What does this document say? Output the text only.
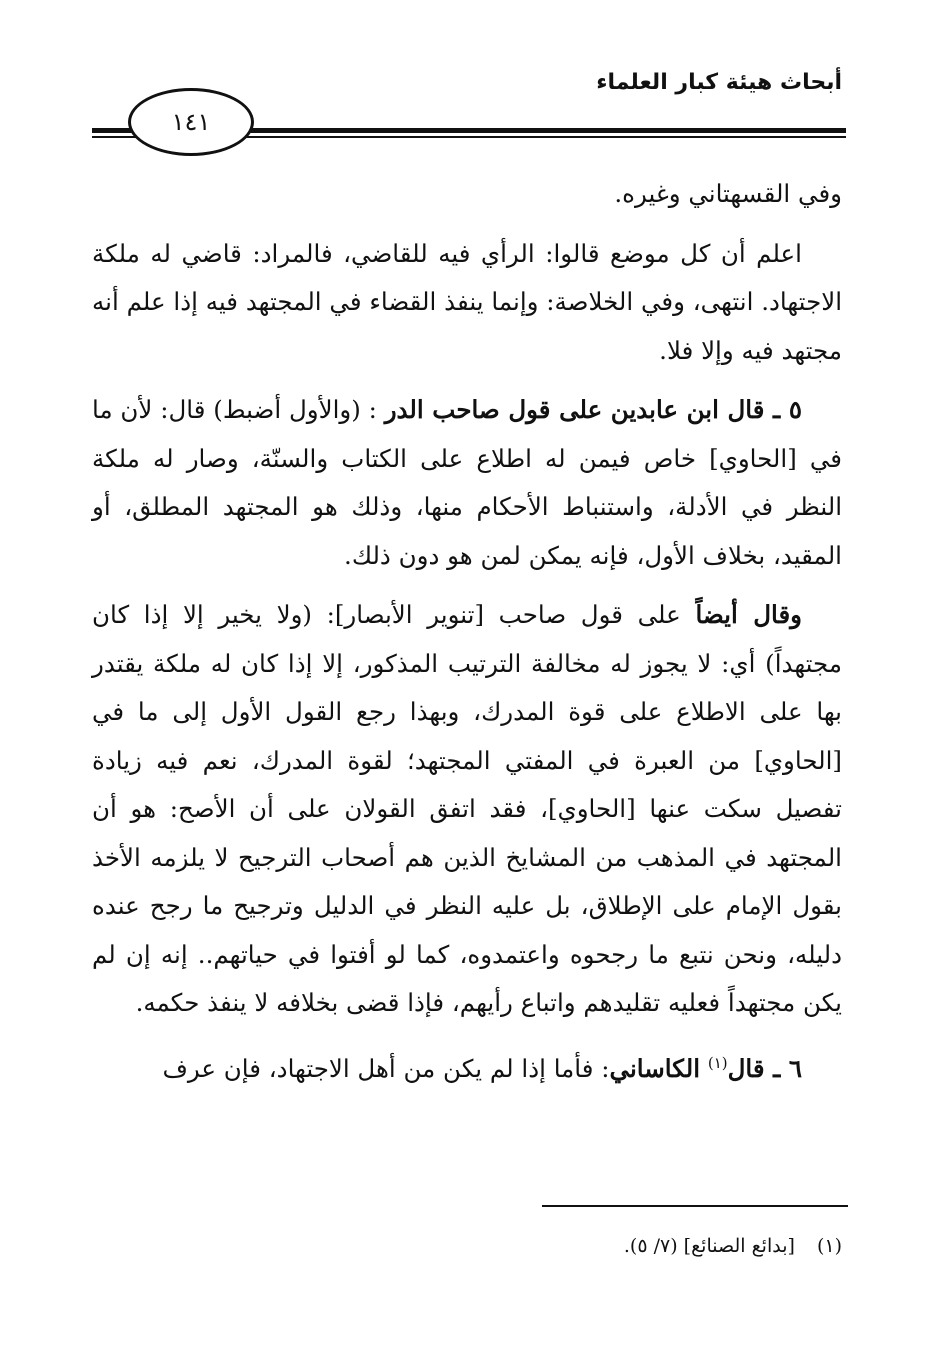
أبحاث هيئة كبار العلماء
١٤١

وفي القسهتاني وغيره.

اعلم أن كل موضع قالوا: الرأي فيه للقاضي، فالمراد: قاضي له ملكة الاجتهاد. انتهى، وفي الخلاصة: وإنما ينفذ القضاء في المجتهد فيه إذا علم أنه مجتهد فيه وإلا فلا.

٥ ـ قال ابن عابدين على قول صاحب الدر : (والأول أضبط) قال: لأن ما في [الحاوي] خاص فيمن له اطلاع على الكتاب والسنّة، وصار له ملكة النظر في الأدلة، واستنباط الأحكام منها، وذلك هو المجتهد المطلق، أو المقيد، بخلاف الأول، فإنه يمكن لمن هو دون ذلك.

وقال أيضاً على قول صاحب [تنوير الأبصار]: (ولا يخير إلا إذا كان مجتهداً) أي: لا يجوز له مخالفة الترتيب المذكور، إلا إذا كان له ملكة يقتدر بها على الاطلاع على قوة المدرك، وبهذا رجع القول الأول إلى ما في [الحاوي] من العبرة في المفتي المجتهد؛ لقوة المدرك، نعم فيه زيادة تفصيل سكت عنها [الحاوي]، فقد اتفق القولان على أن الأصح: هو أن المجتهد في المذهب من المشايخ الذين هم أصحاب الترجيح لا يلزمه الأخذ بقول الإمام على الإطلاق، بل عليه النظر في الدليل وترجيح ما رجح عنده دليله، ونحن نتبع ما رجحوه واعتمدوه، كما لو أفتوا في حياتهم.. إنه إن لم يكن مجتهداً فعليه تقليدهم واتباع رأيهم، فإذا قضى بخلافه لا ينفذ حكمه.

٦ ـ قال$^{(١)}$ الكاساني: فأما إذا لم يكن من أهل الاجتهاد، فإن عرف

(١)[بدائع الصنائع] (٧/ ٥).
